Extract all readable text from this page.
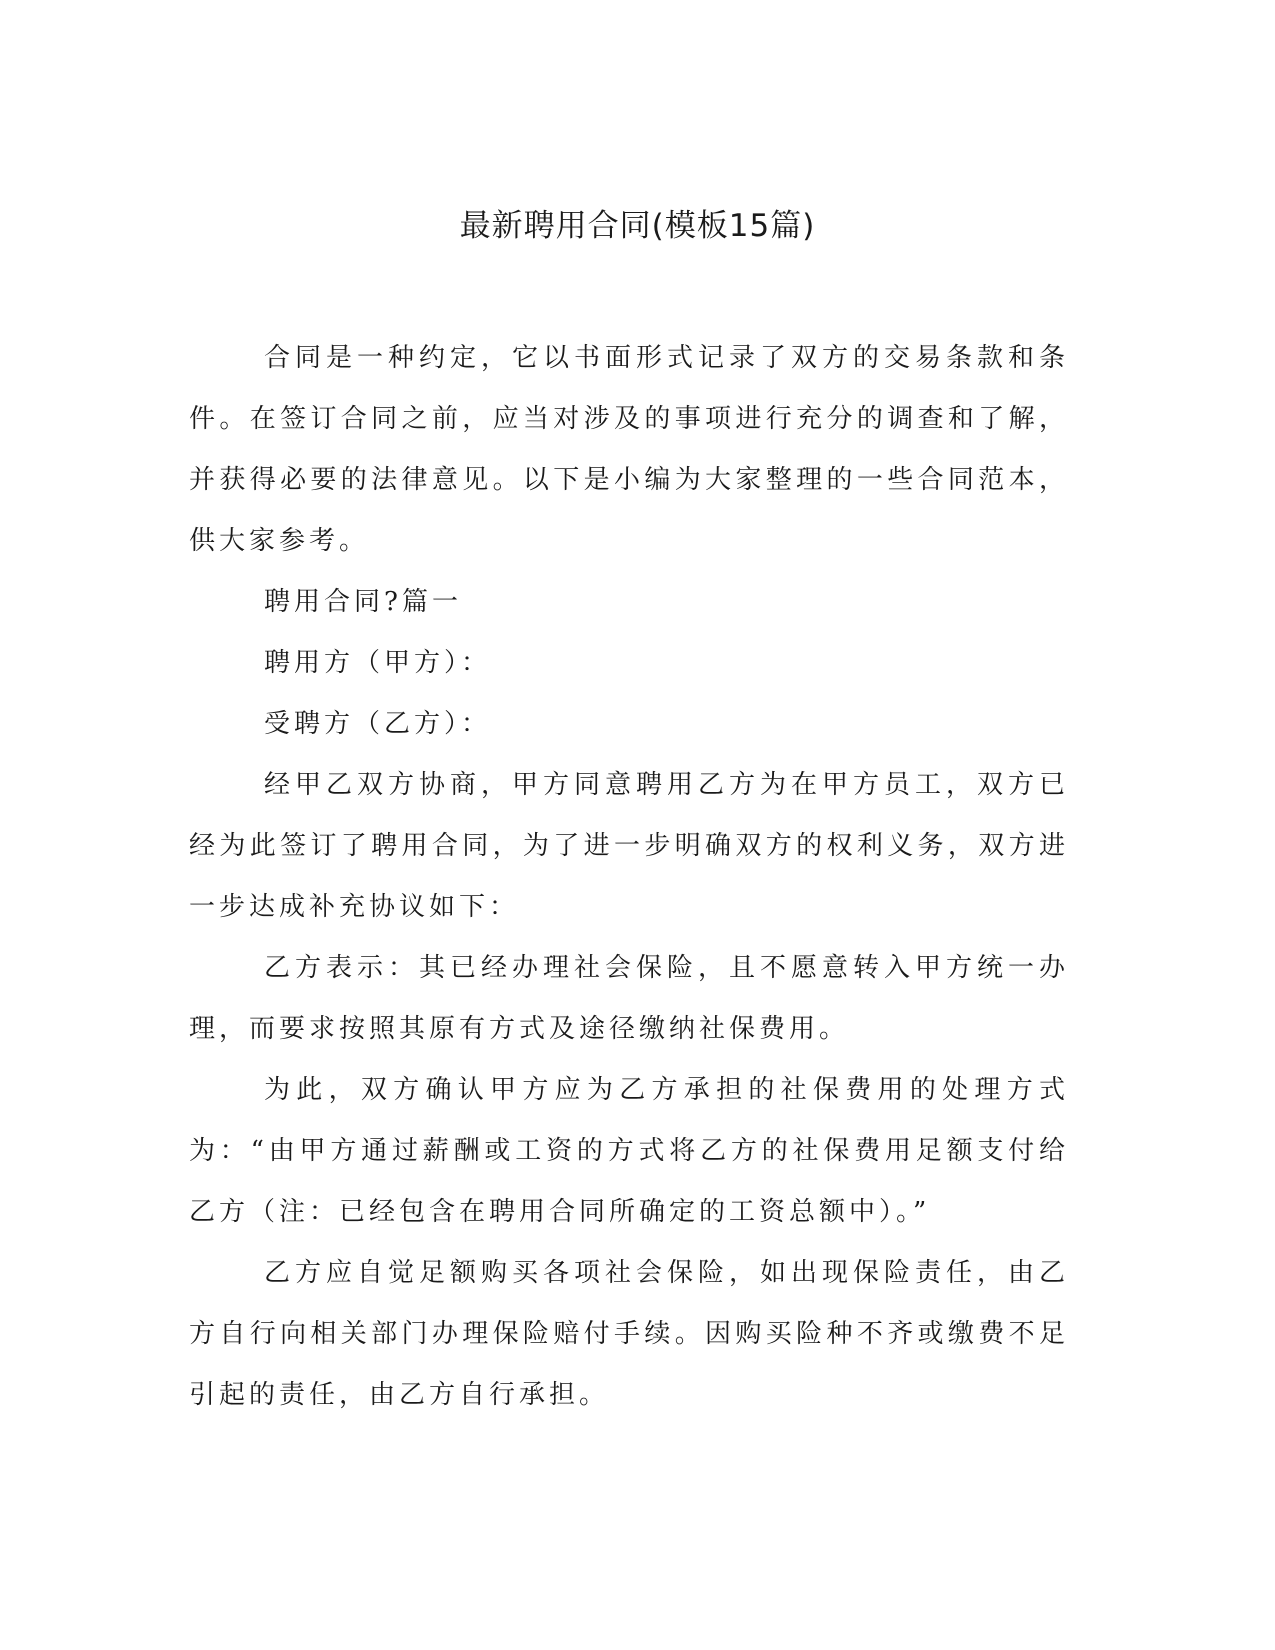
最新聘用合同(模板15篇)

合同是一种约定，它以书面形式记录了双方的交易条款和条件。在签订合同之前，应当对涉及的事项进行充分的调查和了解，并获得必要的法律意见。以下是小编为大家整理的一些合同范本，供大家参考。

聘用合同?篇一

聘用方（甲方）：

受聘方（乙方）：

经甲乙双方协商，甲方同意聘用乙方为在甲方员工，双方已经为此签订了聘用合同，为了进一步明确双方的权利义务，双方进一步达成补充协议如下：

乙方表示：其已经办理社会保险，且不愿意转入甲方统一办理，而要求按照其原有方式及途径缴纳社保费用。

为此，双方确认甲方应为乙方承担的社保费用的处理方式为：“由甲方通过薪酬或工资的方式将乙方的社保费用足额支付给乙方（注：已经包含在聘用合同所确定的工资总额中）。”

乙方应自觉足额购买各项社会保险，如出现保险责任，由乙方自行向相关部门办理保险赔付手续。因购买险种不齐或缴费不足引起的责任，由乙方自行承担。
